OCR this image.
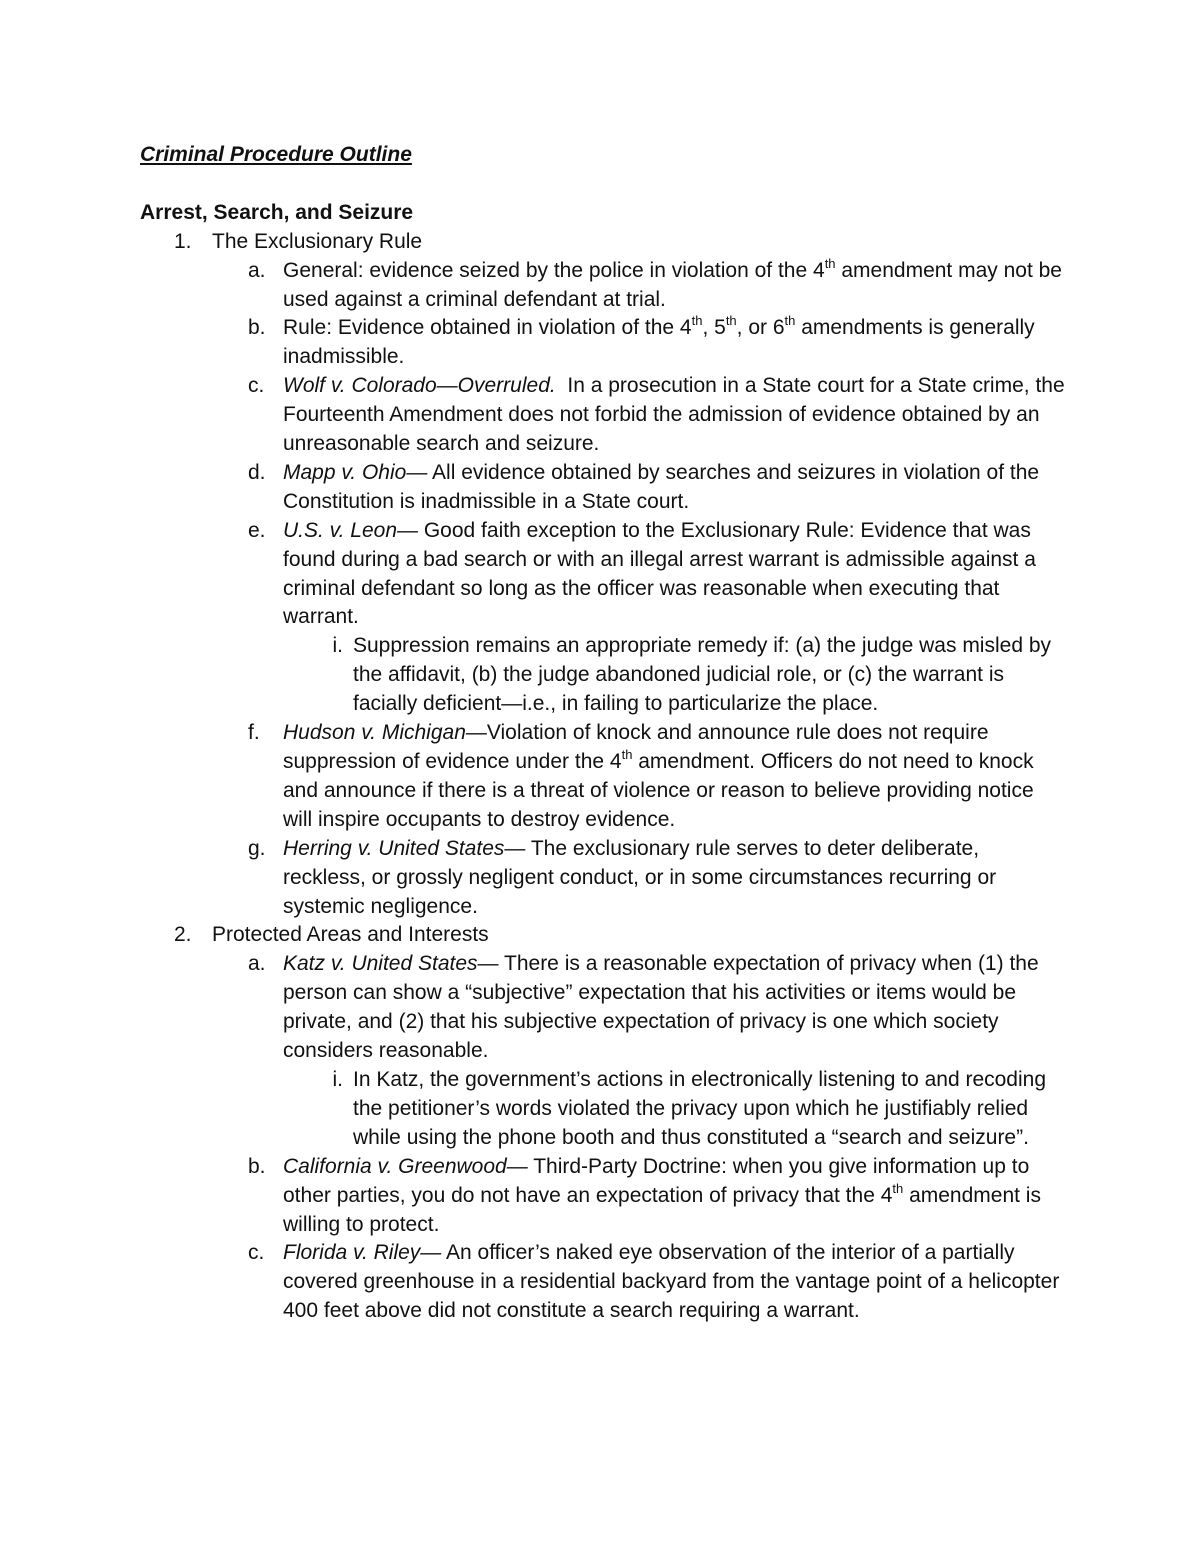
Criminal Procedure Outline

Arrest, Search, and Seizure

1. The Exclusionary Rule
a. General: evidence seized by the police in violation of the 4th amendment may not be used against a criminal defendant at trial.
b. Rule: Evidence obtained in violation of the 4th, 5th, or 6th amendments is generally inadmissible.
c. Wolf v. Colorado—Overruled.  In a prosecution in a State court for a State crime, the Fourteenth Amendment does not forbid the admission of evidence obtained by an unreasonable search and seizure.
d. Mapp v. Ohio— All evidence obtained by searches and seizures in violation of the Constitution is inadmissible in a State court.
e. U.S. v. Leon— Good faith exception to the Exclusionary Rule: Evidence that was found during a bad search or with an illegal arrest warrant is admissible against a criminal defendant so long as the officer was reasonable when executing that warrant.
i. Suppression remains an appropriate remedy if: (a) the judge was misled by the affidavit, (b) the judge abandoned judicial role, or (c) the warrant is facially deficient—i.e., in failing to particularize the place.
f.	Hudson v. Michigan—Violation of knock and announce rule does not require suppression of evidence under the 4th amendment. Officers do not need to knock and announce if there is a threat of violence or reason to believe providing notice will inspire occupants to destroy evidence.
g. Herring v. United States— The exclusionary rule serves to deter deliberate, reckless, or grossly negligent conduct, or in some circumstances recurring or systemic negligence.
2. Protected Areas and Interests
a. Katz v. United States— There is a reasonable expectation of privacy when (1) the person can show a “subjective” expectation that his activities or items would be private, and (2) that his subjective expectation of privacy is one which society considers reasonable.
i. In Katz, the government’s actions in electronically listening to and recoding the petitioner’s words violated the privacy upon which he justifiably relied while using the phone booth and thus constituted a “search and seizure”.
b. California v. Greenwood— Third-Party Doctrine: when you give information up to other parties, you do not have an expectation of privacy that the 4th amendment is willing to protect.
c. Florida v. Riley— An officer’s naked eye observation of the interior of a partially covered greenhouse in a residential backyard from the vantage point of a helicopter 400 feet above did not constitute a search requiring a warrant.
